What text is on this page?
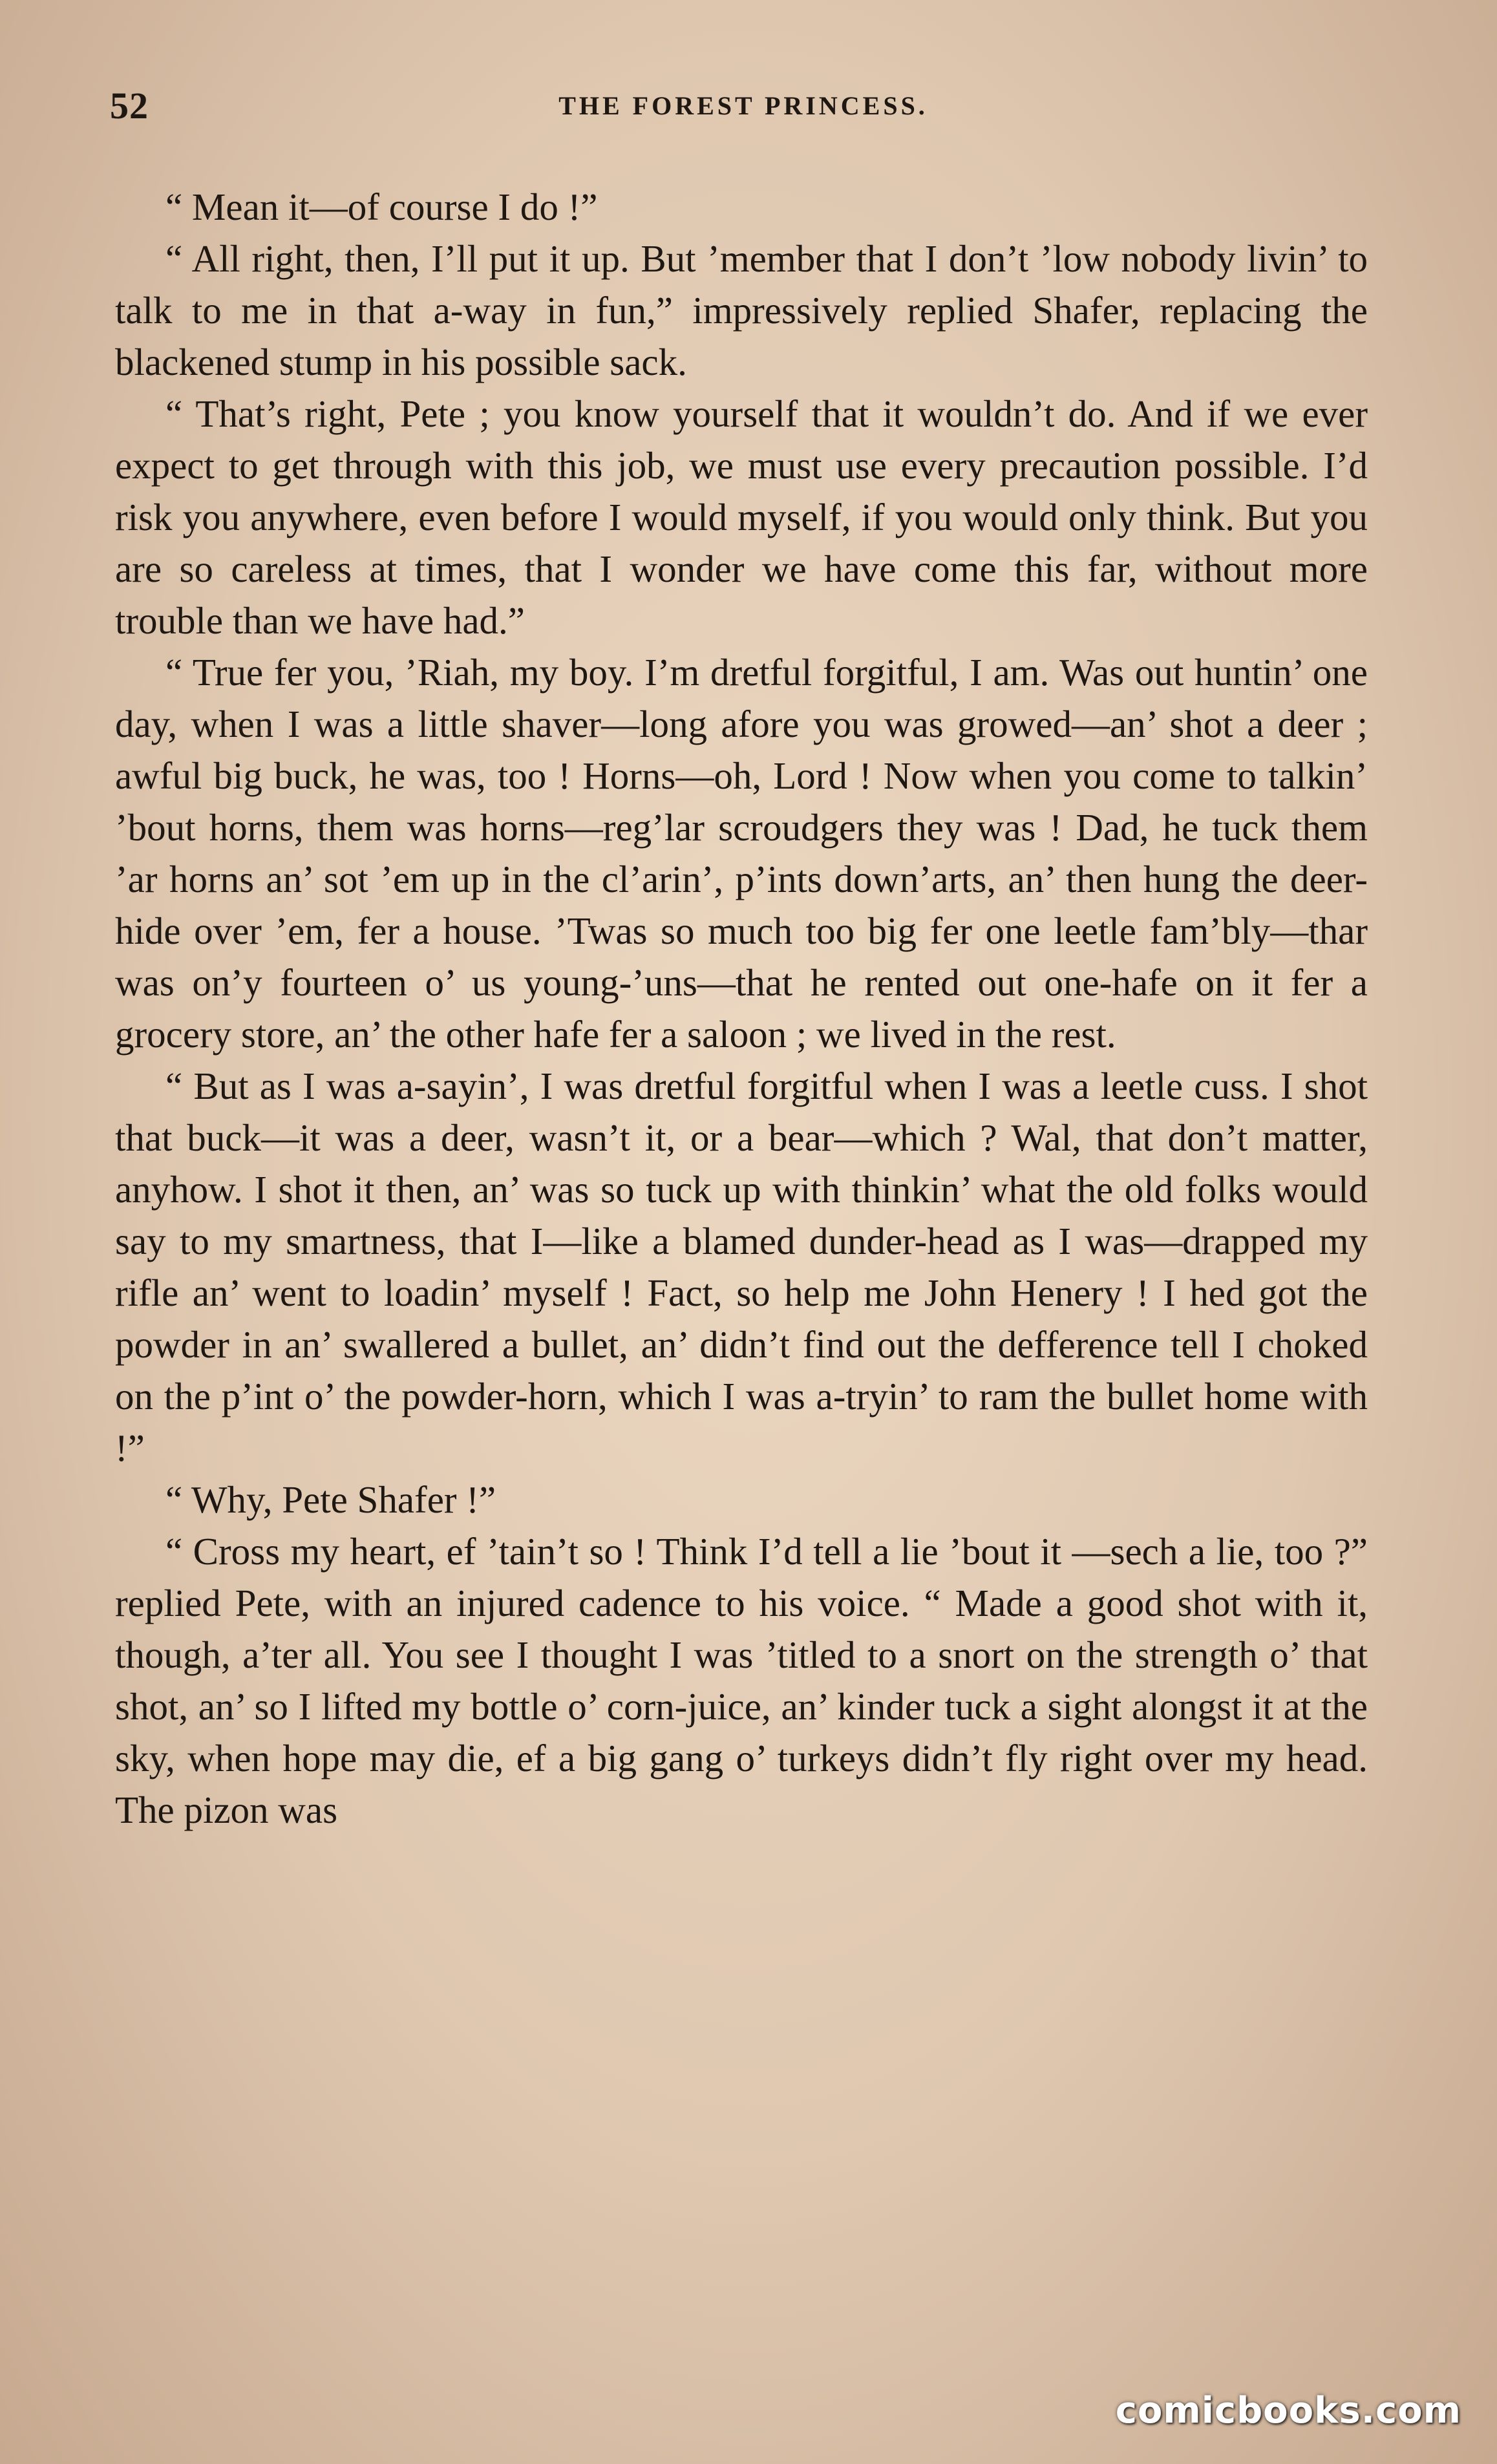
52	THE FOREST PRINCESS.

“ Mean it—of course I do !”

“ All right, then, I’ll put it up. But ’member that I don’t ’low nobody livin’ to talk to me in that a-way in fun,” impressively replied Shafer, replacing the blackened stump in his possible sack.

“ That’s right, Pete ; you know yourself that it wouldn’t do. And if we ever expect to get through with this job, we must use every precaution possible. I’d risk you anywhere, even before I would myself, if you would only think. But you are so careless at times, that I wonder we have come this far, without more trouble than we have had.”

“ True fer you, ’Riah, my boy. I’m dretful forgitful, I am. Was out huntin’ one day, when I was a little shaver—long afore you was growed—an’ shot a deer ; awful big buck, he was, too ! Horns—oh, Lord ! Now when you come to talkin’ ’bout horns, them was horns—reg’lar scroudgers they was ! Dad, he tuck them ’ar horns an’ sot ’em up in the cl’arin’, p’ints down’arts, an’ then hung the deer-hide over ’em, fer a house. ’Twas so much too big fer one leetle fam’bly—thar was on’y fourteen o’ us young-’uns—that he rented out one-hafe on it fer a grocery store, an’ the other hafe fer a saloon ; we lived in the rest.

“ But as I was a-sayin’, I was dretful forgitful when I was a leetle cuss. I shot that buck—it was a deer, wasn’t it, or a bear—which ? Wal, that don’t matter, anyhow. I shot it then, an’ was so tuck up with thinkin’ what the old folks would say to my smartness, that I—like a blamed dunder-head as I was—drapped my rifle an’ went to loadin’ myself ! Fact, so help me John Henery ! I hed got the powder in an’ swallered a bullet, an’ didn’t find out the defference tell I choked on the p’int o’ the powder-horn, which I was a-tryin’ to ram the bullet home with !”

“ Why, Pete Shafer !”

“ Cross my heart, ef ’tain’t so ! Think I’d tell a lie ’bout it —sech a lie, too ?” replied Pete, with an injured cadence to his voice. “ Made a good shot with it, though, a’ter all. You see I thought I was ’titled to a snort on the strength o’ that shot, an’ so I lifted my bottle o’ corn-juice, an’ kinder tuck a sight alongst it at the sky, when hope may die, ef a big gang o’ turkeys didn’t fly right over my head. The pizon was

comicbooks.com
